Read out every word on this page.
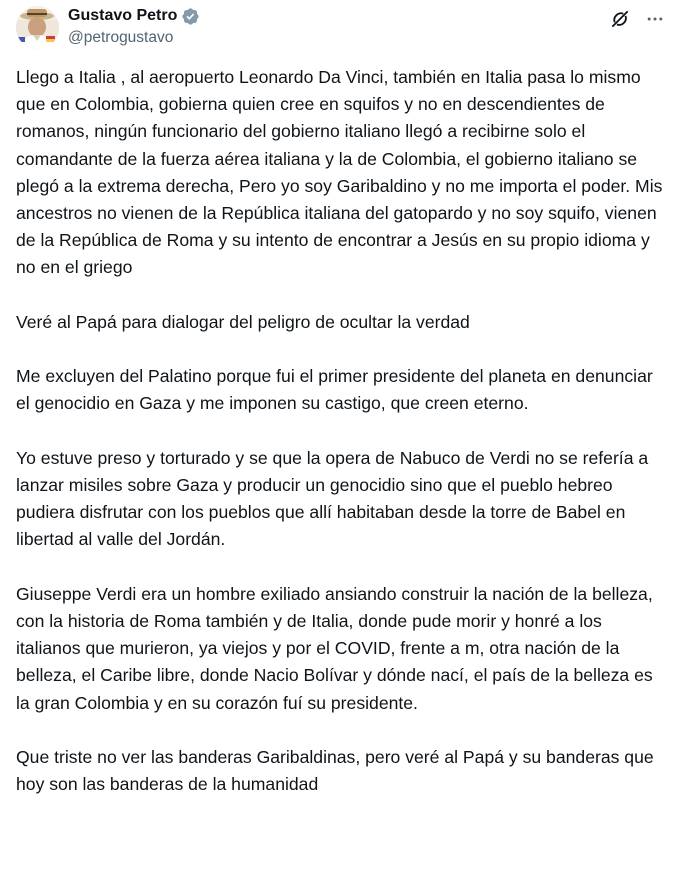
Gustavo Petro
@petrogustavo

Llego a Italia , al aeropuerto Leonardo Da Vinci, también en Italia pasa lo mismo que en Colombia, gobierna quien cree en squifos y no en descendientes de romanos, ningún funcionario del gobierno italiano llegó a recibirne solo el comandante de la fuerza aérea italiana y la de Colombia, el gobierno italiano se plegó a la extrema derecha, Pero yo soy Garibaldino y no me importa el poder. Mis ancestros no vienen de la República italiana del gatopardo y no soy squifo, vienen de la República de Roma y su intento de encontrar a Jesús en su propio idioma y no en el griego

Veré al Papá para dialogar del peligro de ocultar la verdad

Me excluyen del Palatino porque fui el primer presidente del planeta en denunciar el genocidio en Gaza y me imponen su castigo, que creen eterno.

Yo estuve preso y torturado y se que la opera de Nabuco de Verdi no se refería a lanzar misiles sobre Gaza y producir un genocidio sino que el pueblo hebreo pudiera disfrutar con los pueblos que allí habitaban desde la torre de Babel en libertad al valle del Jordán.

Giuseppe Verdi era un hombre exiliado ansiando construir la nación de la belleza, con la historia de Roma también y de Italia, donde pude morir y honré a los italianos que murieron, ya viejos y por el COVID, frente a m, otra nación de la belleza, el Caribe libre, donde Nacio Bolívar y dónde nací, el país de la belleza es la gran Colombia y en su corazón fuí su presidente.

Que triste no ver las banderas Garibaldinas, pero veré al Papá y su banderas que hoy son las banderas de la humanidad
